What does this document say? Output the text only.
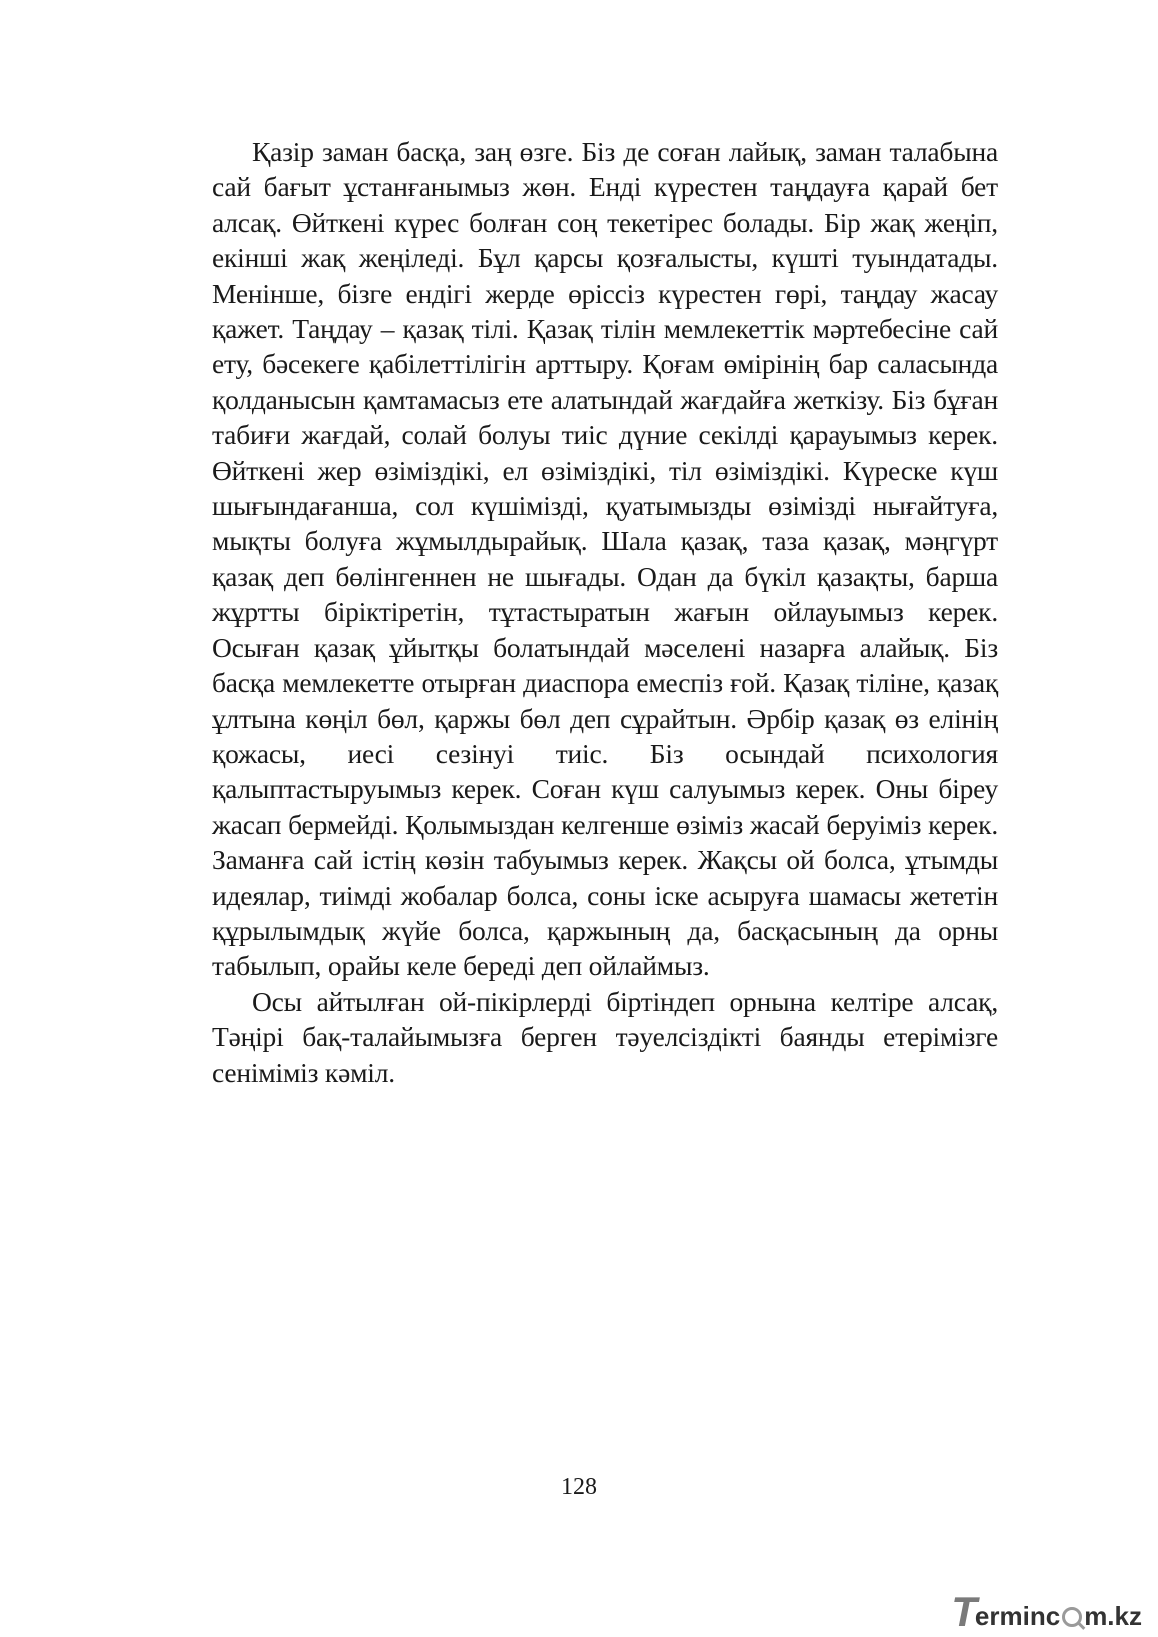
Қазір заман басқа, заң өзге. Біз де соған лайық, заман талабына сай бағыт ұстанғанымыз жөн. Енді күрестен таңдауға қарай бет алсақ. Өйткені күрес болған соң текетірес болады. Бір жақ жеңіп, екінші жақ жеңіледі. Бұл қарсы қозғалысты, күшті туындатады. Менінше, бізге ендігі жерде өріссіз күрестен гөрі, таңдау жасау қажет. Таңдау – қазақ тілі. Қазақ тілін мемлекеттік мәртебесіне сай ету, бәсекеге қабілеттілігін арттыру. Қоғам өмірінің бар саласында қолданысын қамтамасыз ете алатындай жағдайға жеткізу. Біз бұған табиғи жағдай, солай болуы тиіс дүние секілді қарауымыз керек. Өйткені жер өзіміздікі, ел өзіміздікі, тіл өзіміздікі. Күреске күш шығындағанша, сол күшімізді, қуатымызды өзімізді нығайтуға, мықты болуға жұмылдырайық. Шала қазақ, таза қазақ, мәңгүрт қазақ деп бөлінгеннен не шығады. Одан да бүкіл қазақты, барша жұртты біріктіретін, тұтастыратын жағын ойлауымыз керек. Осыған қазақ ұйытқы болатындай мәселені назарға алайық. Біз басқа мемлекетте отырған диаспора емеспіз ғой. Қазақ тіліне, қазақ ұлтына көңіл бөл, қаржы бөл деп сұрайтын. Әрбір қазақ өз елінің қожасы, иесі сезінуі тиіс. Біз осындай психология қалыптастыруымыз керек. Соған күш салуымыз керек. Оны біреу жасап бермейді. Қолымыздан келгенше өзіміз жасай беруіміз керек. Заманға сай істің көзін табуымыз керек. Жақсы ой болса, ұтымды идеялар, тиімді жобалар болса, соны іске асыруға шамасы жететін құрылымдық жүйе болса, қаржының да, басқасының да орны табылып, орайы келе береді деп ойлаймыз.

Осы айтылған ой-пікірлерді біртіндеп орнына келтіре алсақ, Тәңірі бақ-талайымызға берген тәуелсіздікті баянды етерімізге сеніміміз кәміл.

128
T
ermin c m.kz
